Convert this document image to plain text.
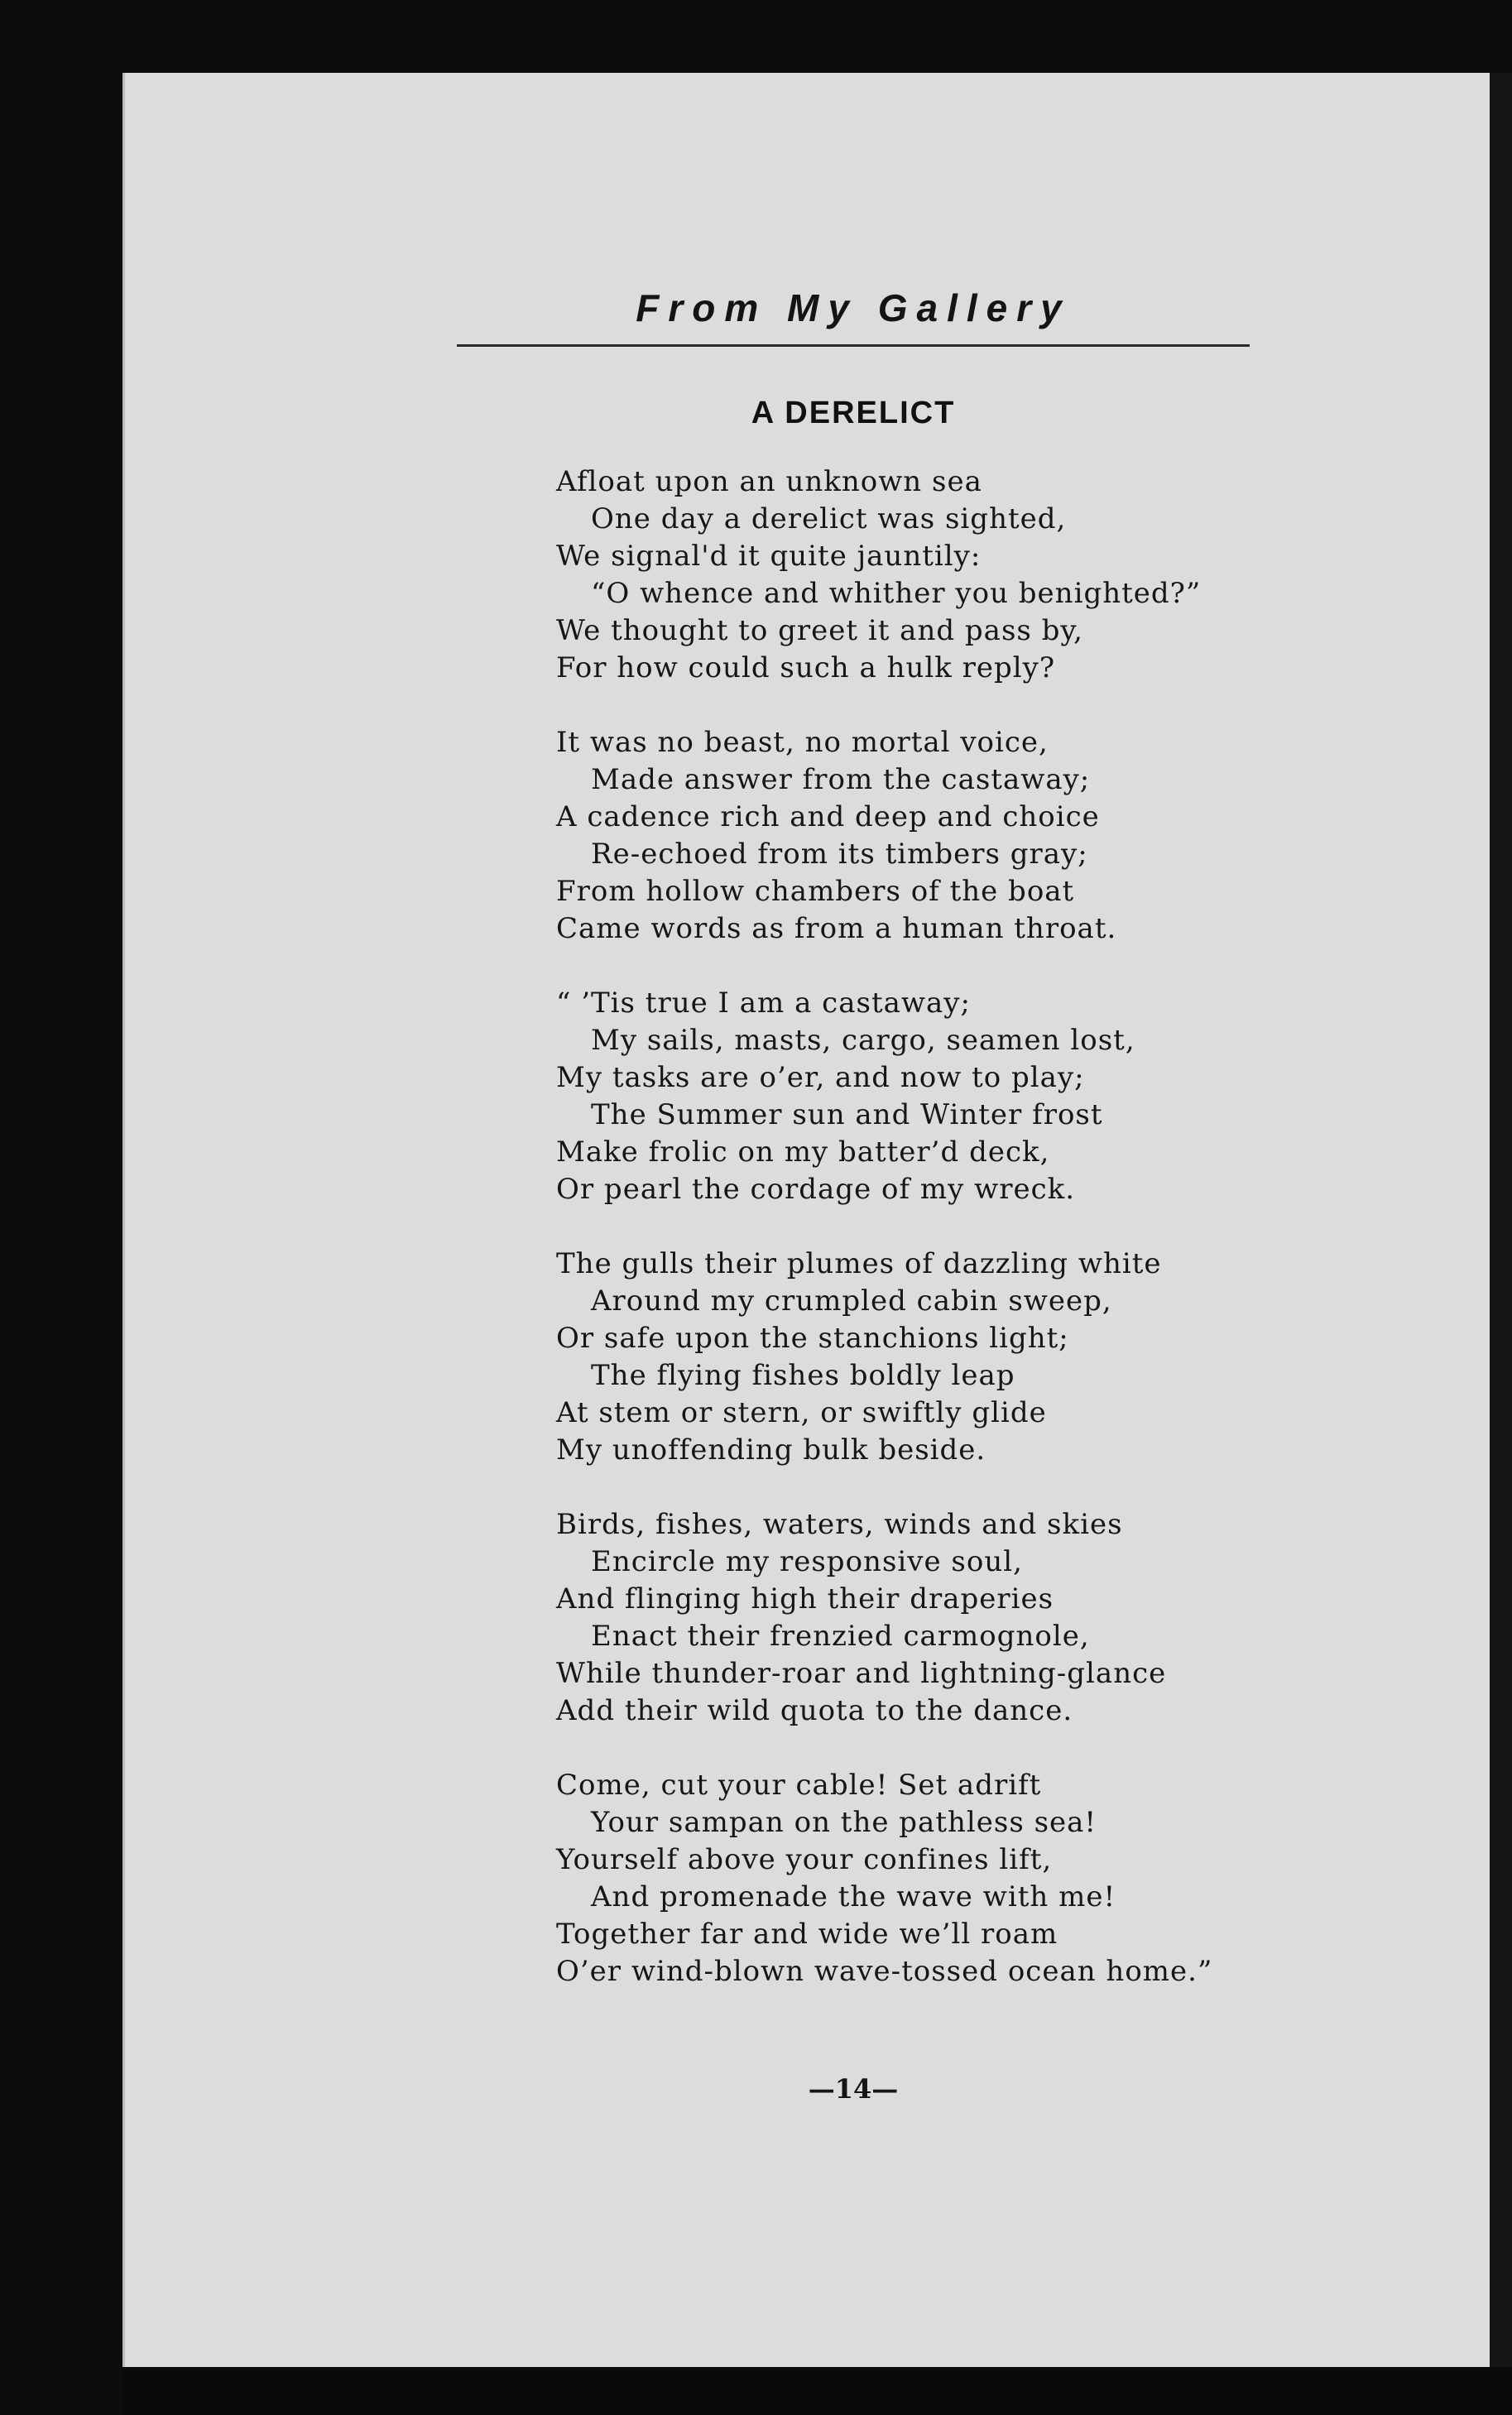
From My Gallery
A DERELICT
Afloat upon an unknown sea
One day a derelict was sighted,
We signal'd it quite jauntily:
“O whence and whither you benighted?”
We thought to greet it and pass by,
For how could such a hulk reply?
It was no beast, no mortal voice,
Made answer from the castaway;
A cadence rich and deep and choice
Re-echoed from its timbers gray;
From hollow chambers of the boat
Came words as from a human throat.
“ ’Tis true I am a castaway;
My sails, masts, cargo, seamen lost,
My tasks are o’er, and now to play;
The Summer sun and Winter frost
Make frolic on my batter’d deck,
Or pearl the cordage of my wreck.
The gulls their plumes of dazzling white
Around my crumpled cabin sweep,
Or safe upon the stanchions light;
The flying fishes boldly leap
At stem or stern, or swiftly glide
My unoffending bulk beside.
Birds, fishes, waters, winds and skies
Encircle my responsive soul,
And flinging high their draperies
Enact their frenzied carmognole,
While thunder-roar and lightning-glance
Add their wild quota to the dance.
Come, cut your cable! Set adrift
Your sampan on the pathless sea!
Yourself above your confines lift,
And promenade the wave with me!
Together far and wide we’ll roam
O’er wind-blown wave-tossed ocean home.”
—14—
